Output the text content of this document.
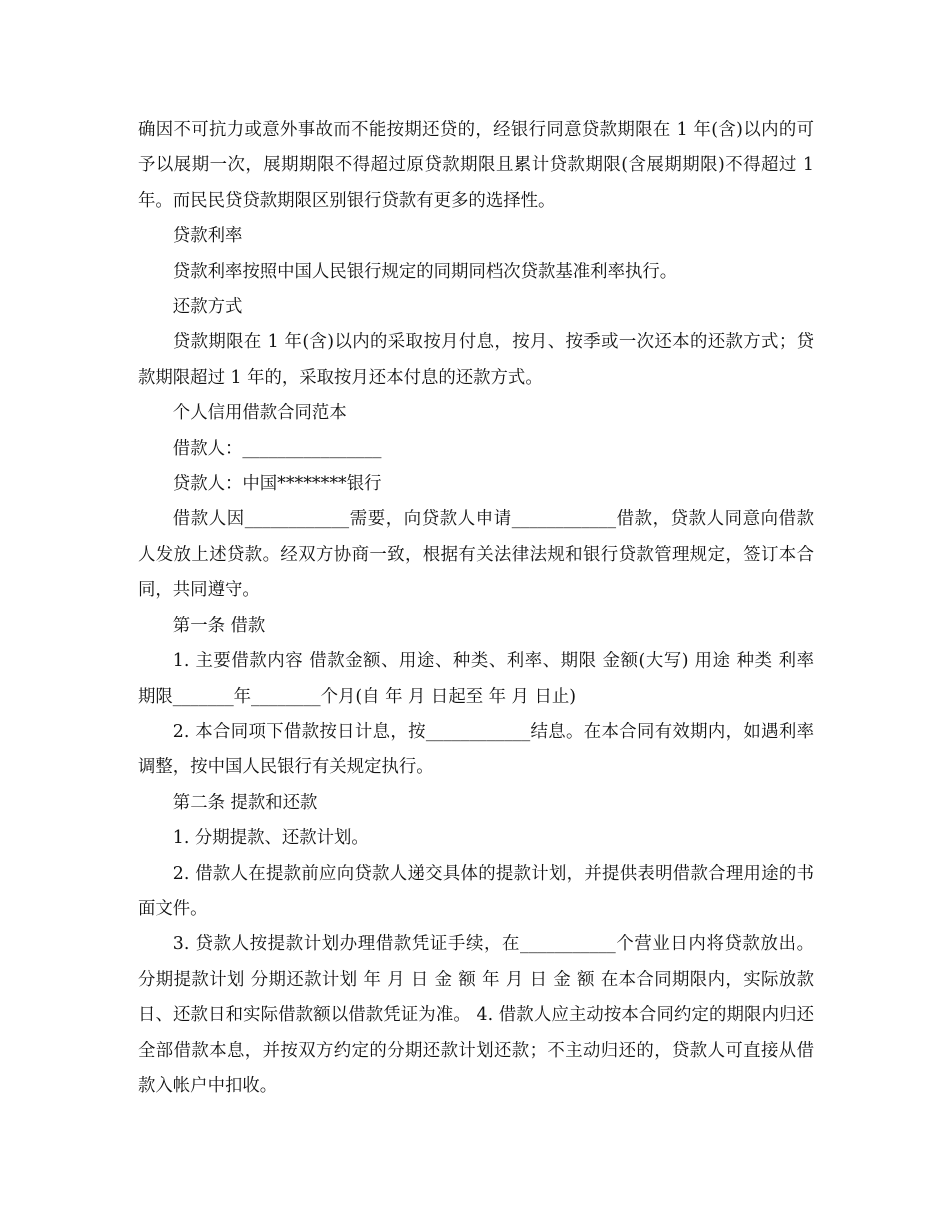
确因不可抗力或意外事故而不能按期还贷的，经银行同意贷款期限在 1 年(含)以内的可予以展期一次，展期期限不得超过原贷款期限且累计贷款期限(含展期期限)不得超过 1 年。而民民贷贷款期限区别银行贷款有更多的选择性。

贷款利率

贷款利率按照中国人民银行规定的同期同档次贷款基准利率执行。

还款方式

贷款期限在 1 年(含)以内的采取按月付息，按月、按季或一次还本的还款方式；贷款期限超过 1 年的，采取按月还本付息的还款方式。

个人信用借款合同范本

借款人：________________

贷款人：中国********银行

借款人因____________需要，向贷款人申请____________借款，贷款人同意向借款人发放上述贷款。经双方协商一致，根据有关法律法规和银行贷款管理规定，签订本合同，共同遵守。

第一条 借款

1. 主要借款内容 借款金额、用途、种类、利率、期限 金额(大写) 用途 种类 利率 期限_______年________个月(自 年 月 日起至 年 月 日止)

2. 本合同项下借款按日计息，按____________结息。在本合同有效期内，如遇利率调整，按中国人民银行有关规定执行。

第二条 提款和还款

1. 分期提款、还款计划。

2. 借款人在提款前应向贷款人递交具体的提款计划，并提供表明借款合理用途的书面文件。

3. 贷款人按提款计划办理借款凭证手续，在___________个营业日内将贷款放出。 分期提款计划 分期还款计划 年 月 日 金 额 年 月 日 金 额 在本合同期限内，实际放款日、还款日和实际借款额以借款凭证为准。 4. 借款人应主动按本合同约定的期限内归还全部借款本息，并按双方约定的分期还款计划还款；不主动归还的，贷款人可直接从借款入帐户中扣收。
